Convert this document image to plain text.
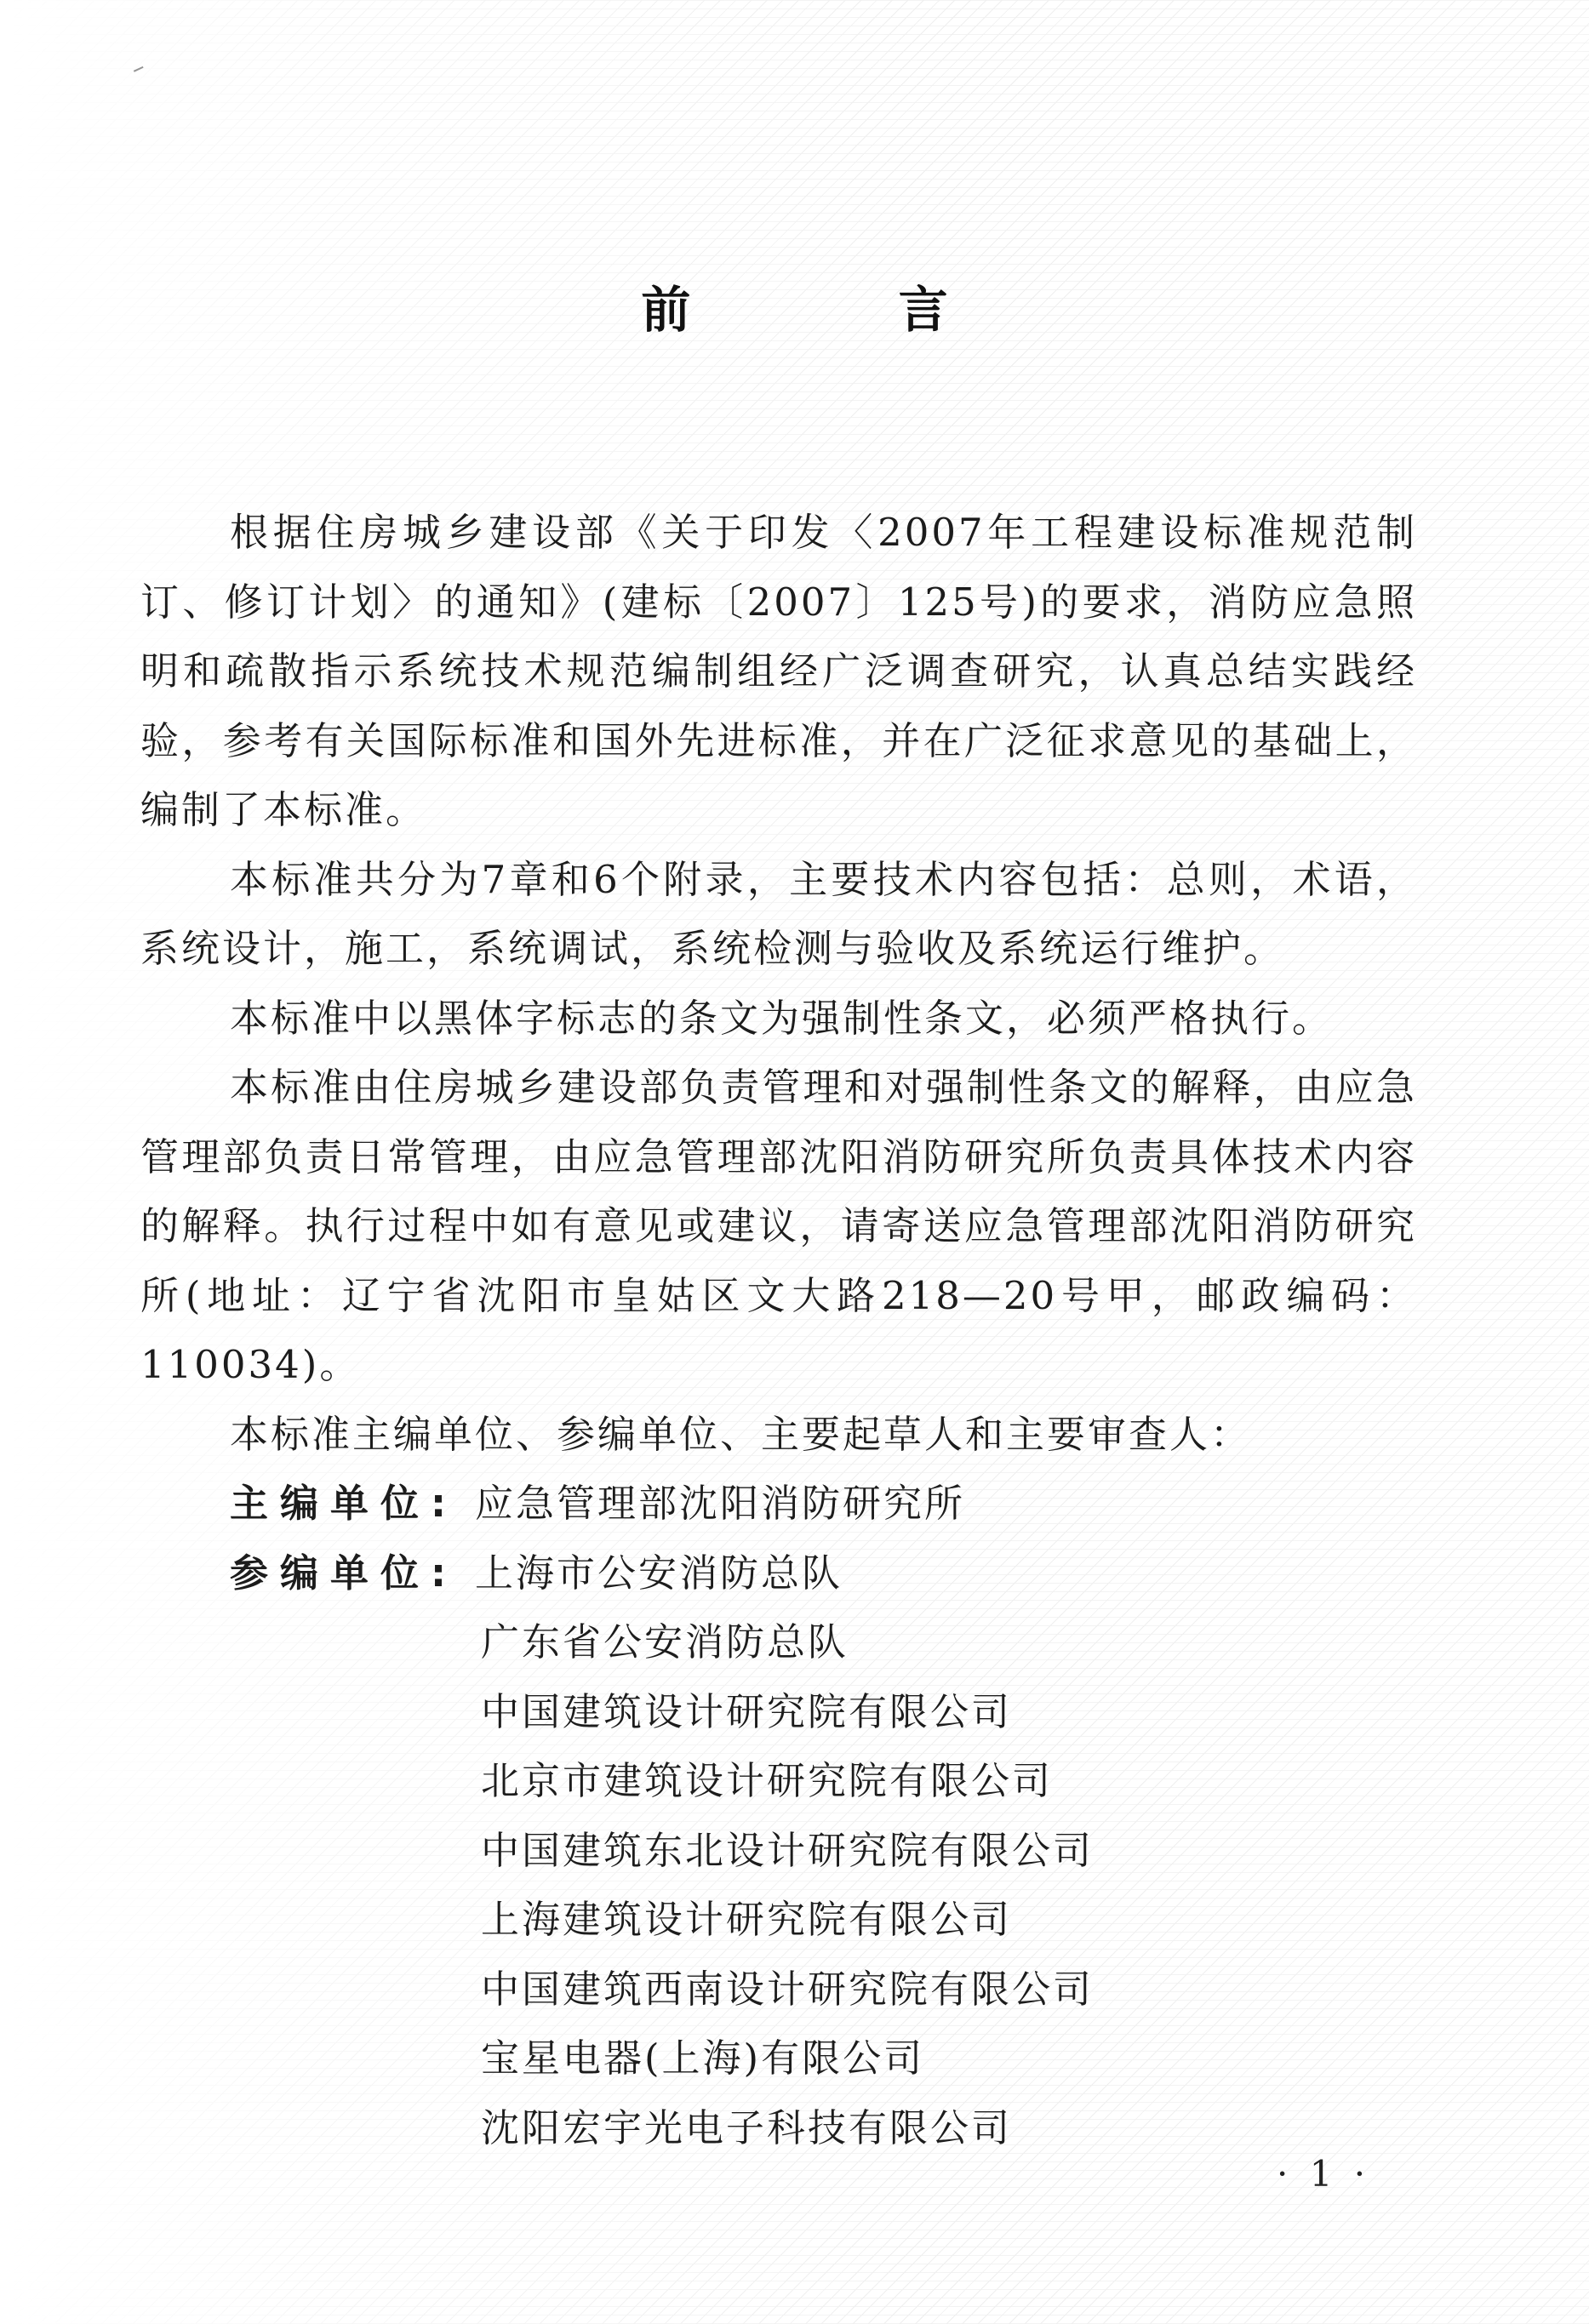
前 言

根据住房城乡建设部《关于印发〈2007年工程建设标准规范制订、修订计划〉的通知》(建标〔2007〕125号)的要求，消防应急照明和疏散指示系统技术规范编制组经广泛调查研究，认真总结实践经验，参考有关国际标准和国外先进标准，并在广泛征求意见的基础上，编制了本标准。

本标准共分为7章和6个附录，主要技术内容包括：总则，术语，系统设计，施工，系统调试，系统检测与验收及系统运行维护。

本标准中以黑体字标志的条文为强制性条文，必须严格执行。

本标准由住房城乡建设部负责管理和对强制性条文的解释，由应急管理部负责日常管理，由应急管理部沈阳消防研究所负责具体技术内容的解释。执行过程中如有意见或建议，请寄送应急管理部沈阳消防研究所(地址：辽宁省沈阳市皇姑区文大路218—20号甲，邮政编码：110034)。

本标准主编单位、参编单位、主要起草人和主要审查人：

主编单位: 应急管理部沈阳消防研究所
参编单位: 上海市公安消防总队
广东省公安消防总队
中国建筑设计研究院有限公司
北京市建筑设计研究院有限公司
中国建筑东北设计研究院有限公司
上海建筑设计研究院有限公司
中国建筑西南设计研究院有限公司
宝星电器(上海)有限公司
沈阳宏宇光电子科技有限公司
· 1 ·
